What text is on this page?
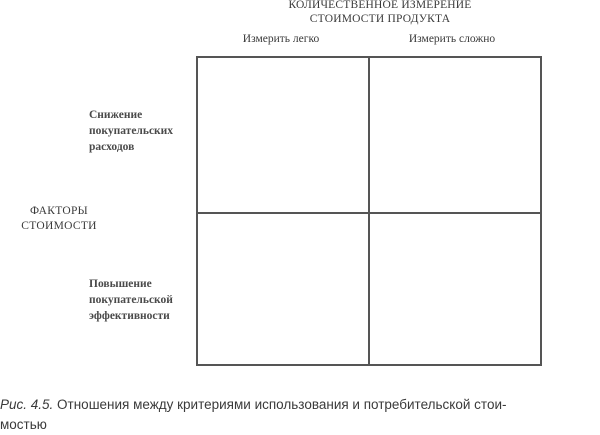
КОЛИЧЕСТВЕННОЕ ИЗМЕРЕНИЕ
СТОИМОСТИ ПРОДУКТА
Измерить легко	Измерить сложно
ФАКТОРЫ
СТОИМОСТИ
Снижение
покупательских
расходов
Повышение
покупательской
эффективности
Рис. 4.5. Отношения между критериями использования и потребительской стои-
мостью
